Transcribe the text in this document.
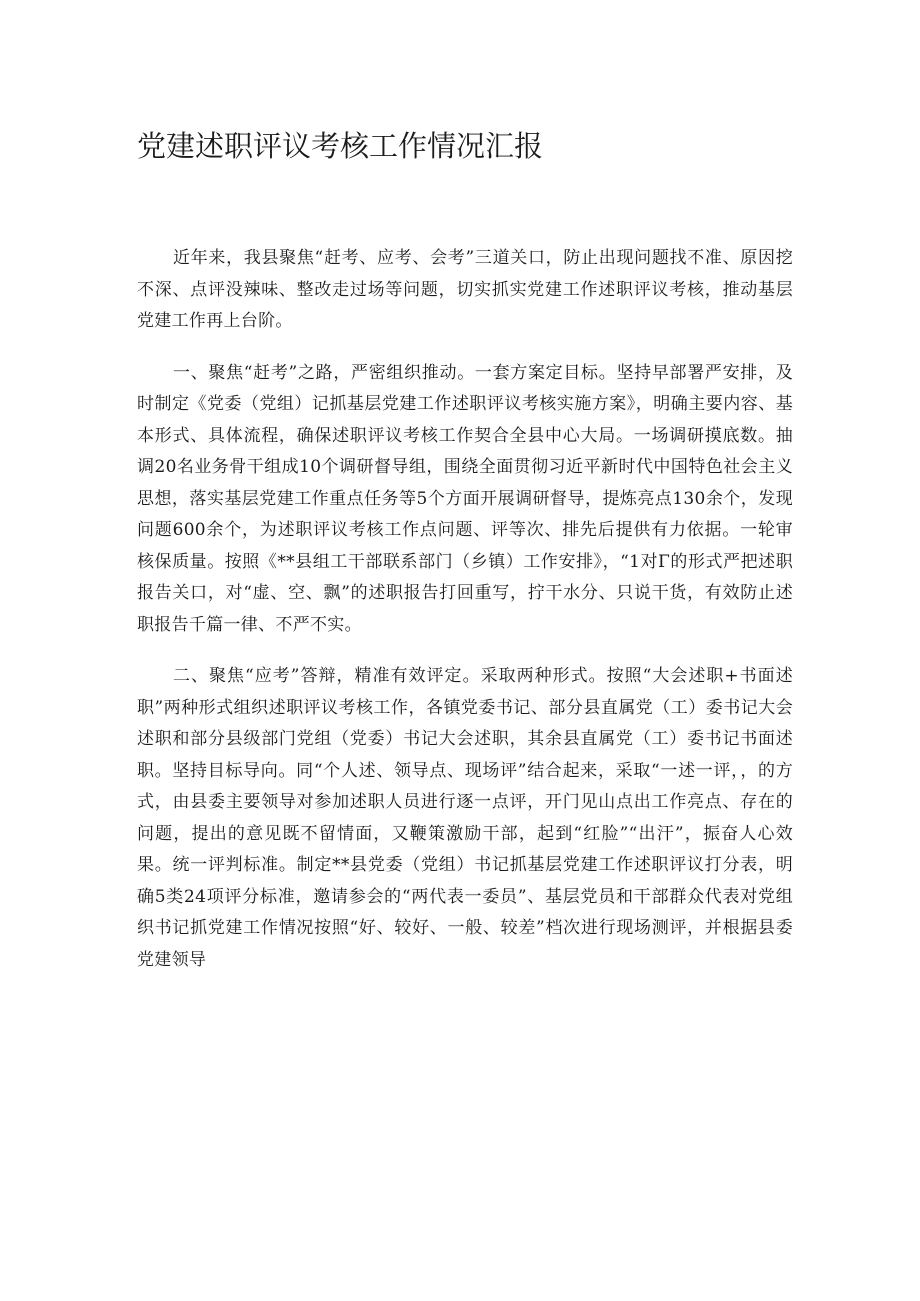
党建述职评议考核工作情况汇报

近年来，我县聚焦“赶考、应考、会考”三道关口，防止出现问题找不准、原因挖不深、点评没辣味、整改走过场等问题，切实抓实党建工作述职评议考核，推动基层党建工作再上台阶。

一、聚焦“赶考”之路，严密组织推动。一套方案定目标。坚持早部署严安排，及时制定《党委（党组）记抓基层党建工作述职评议考核实施方案》，明确主要内容、基本形式、具体流程，确保述职评议考核工作契合全县中心大局。一场调研摸底数。抽调20名业务骨干组成10个调研督导组，围绕全面贯彻习近平新时代中国特色社会主义思想，落实基层党建工作重点任务等5个方面开展调研督导，提炼亮点130余个，发现问题600余个，为述职评议考核工作点问题、评等次、排先后提供有力依据。一轮审核保质量。按照《**县组工干部联系部门（乡镇）工作安排》，“1对Γ的形式严把述职报告关口，对“虚、空、飘”的述职报告打回重写，拧干水分、只说干货，有效防止述职报告千篇一律、不严不实。

二、聚焦“应考”答辩，精准有效评定。采取两种形式。按照“大会述职+书面述职”两种形式组织述职评议考核工作，各镇党委书记、部分县直属党（工）委书记大会述职和部分县级部门党组（党委）书记大会述职，其余县直属党（工）委书记书面述职。坚持目标导向。同“个人述、领导点、现场评”结合起来，采取“一述一评，，的方式，由县委主要领导对参加述职人员进行逐一点评，开门见山点出工作亮点、存在的问题，提出的意见既不留情面，又鞭策激励干部，起到“红脸”“出汗”，振奋人心效果。统一评判标准。制定**县党委（党组）书记抓基层党建工作述职评议打分表，明确5类24项评分标准，邀请参会的“两代表一委员”、基层党员和干部群众代表对党组织书记抓党建工作情况按照“好、较好、一般、较差”档次进行现场测评，并根据县委党建领导
